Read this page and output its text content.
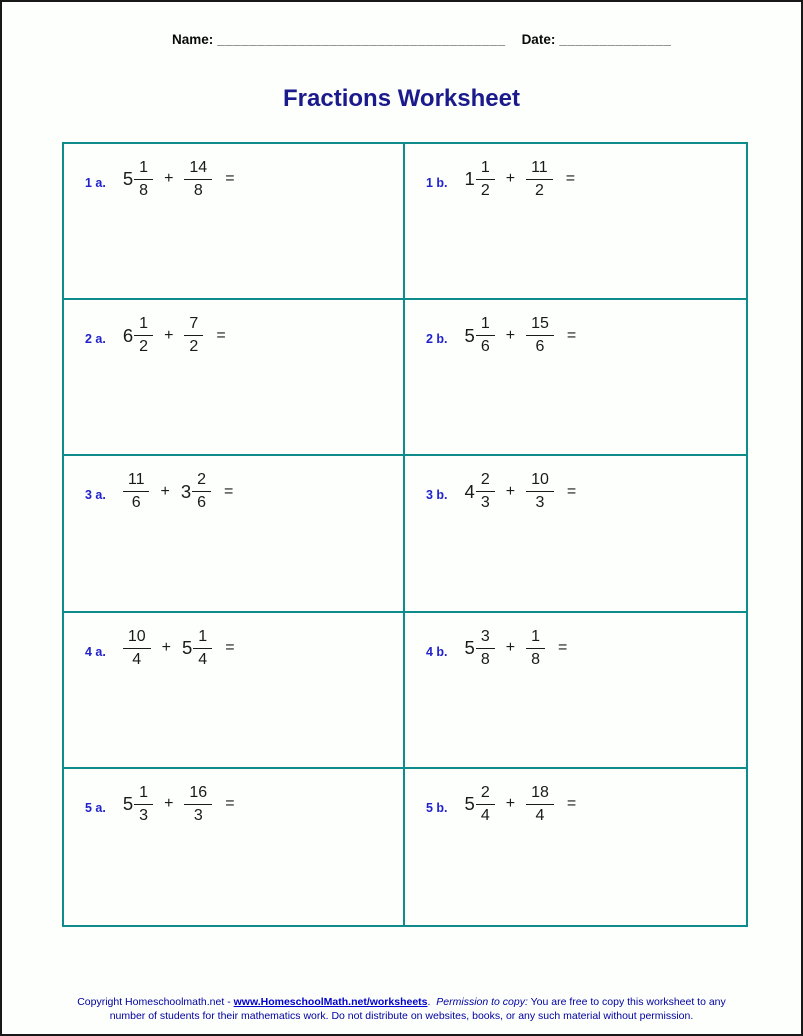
Name: ____________________________________ Date: ______________
Fractions Worksheet
1 a. $5 \frac{1}{8} + \frac{14}{8}$ =	1 b. $1 \frac{1}{2} + \frac{11}{2}$ =
2 a. $6 \frac{1}{2} + \frac{7}{2}$ =	2 b. $5 \frac{1}{6} + \frac{15}{6}$ =
3 a. $\frac{11}{6} + 3 \frac{2}{6}$ =	3 b. $4 \frac{2}{3} + \frac{10}{3}$ =
4 a. $\frac{10}{4} + 5 \frac{1}{4}$ =	4 b. $5 \frac{3}{8} + \frac{1}{8}$ =
5 a. $5 \frac{1}{3} + \frac{16}{3}$ =	5 b. $5 \frac{2}{4} + \frac{18}{4}$ =
Copyright Homeschoolmath.net - www.HomeschoolMath.net/worksheets.  Permission to copy: You are free to copy this worksheet to any number of students for their mathematics work. Do not distribute on websites, books, or any such material without permission.
